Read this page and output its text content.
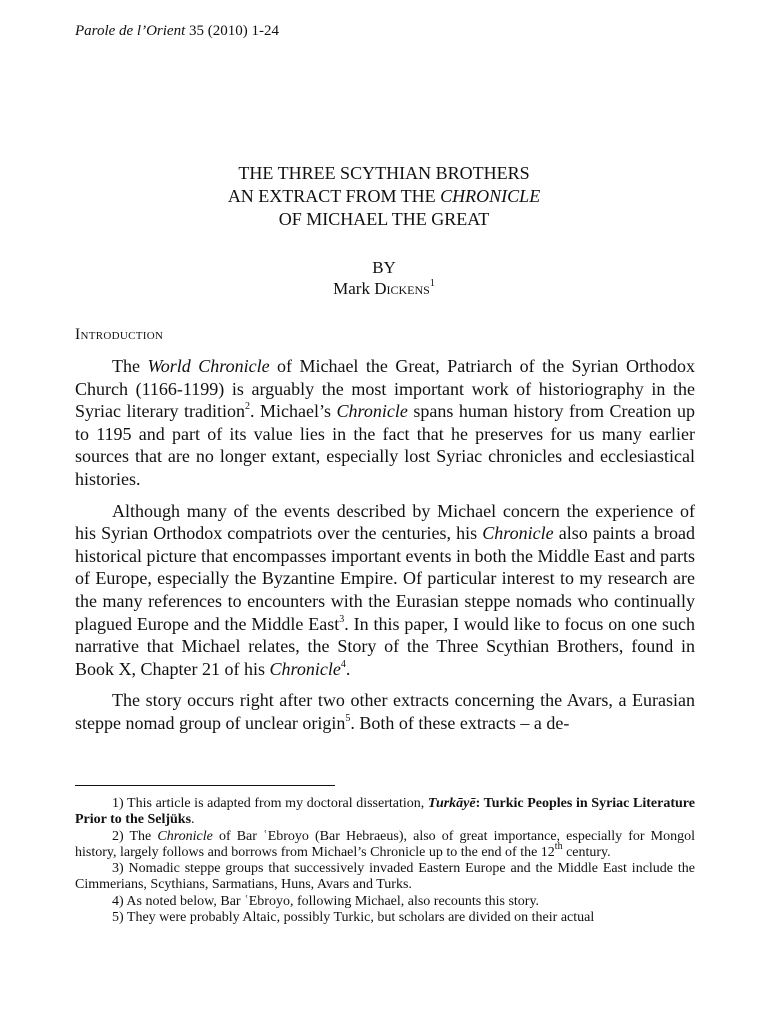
Parole de l’Orient 35 (2010) 1-24
THE THREE SCYTHIAN BROTHERS
AN EXTRACT FROM THE CHRONICLE
OF MICHAEL THE GREAT
BY
Mark Dickens$^1$
Introduction

The World Chronicle of Michael the Great, Patriarch of the Syrian Orthodox Church (1166-1199) is arguably the most important work of historiography in the Syriac literary tradition$^2$. Michael’s Chronicle spans human history from Creation up to 1195 and part of its value lies in the fact that he preserves for us many earlier sources that are no longer extant, especially lost Syriac chronicles and ecclesiastical histories.

Although many of the events described by Michael concern the experience of his Syrian Orthodox compatriots over the centuries, his Chronicle also paints a broad historical picture that encompasses important events in both the Middle East and parts of Europe, especially the Byzantine Empire. Of particular interest to my research are the many references to encounters with the Eurasian steppe nomads who continually plagued Europe and the Middle East$^3$. In this paper, I would like to focus on one such narrative that Michael relates, the Story of the Three Scythian Brothers, found in Book X, Chapter 21 of his Chronicle$^4$.

The story occurs right after two other extracts concerning the Avars, a Eurasian steppe nomad group of unclear origin$^5$. Both of these extracts – a de-

1) This article is adapted from my doctoral dissertation, Turkāyē: Turkic Peoples in Syriac Literature Prior to the Seljüks.

2) The Chronicle of Bar ʿEbroyo (Bar Hebraeus), also of great importance, especially for Mongol history, largely follows and borrows from Michael’s Chronicle up to the end of the 12th century.

3) Nomadic steppe groups that successively invaded Eastern Europe and the Middle East include the Cimmerians, Scythians, Sarmatians, Huns, Avars and Turks.

4) As noted below, Bar ʿEbroyo, following Michael, also recounts this story.

5) They were probably Altaic, possibly Turkic, but scholars are divided on their actual
